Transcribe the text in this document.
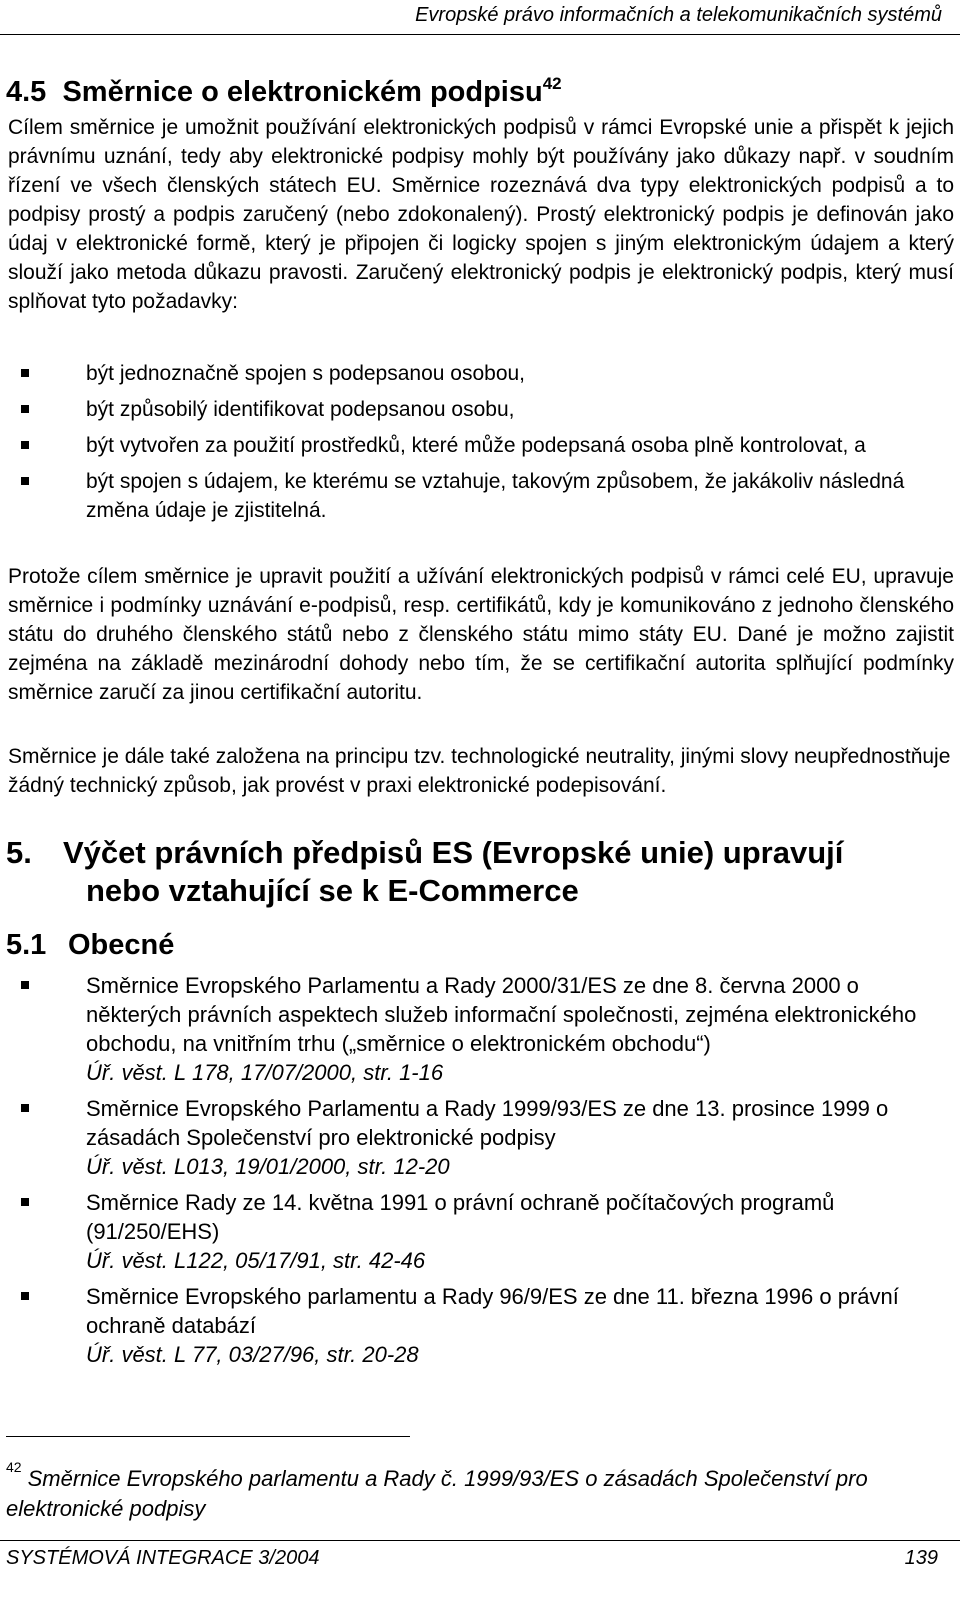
Evropské právo informačních a telekomunikačních systémů
4.5 Směrnice o elektronickém podpisu$^{42}$

Cílem směrnice je umožnit používání elektronických podpisů v rámci Evropské unie a přispět k jejich právnímu uznání, tedy aby elektronické podpisy mohly být používány jako důkazy např. v soudním řízení ve všech členských státech EU. Směrnice rozeznává dva typy elektronických podpisů a to podpisy prostý a podpis zaručený (nebo zdokonalený). Prostý elektronický podpis je definován jako údaj v elektronické formě, který je připojen či logicky spojen s jiným elektronickým údajem a který slouží jako metoda důkazu pravosti. Zaručený elektronický podpis je elektronický podpis, který musí splňovat tyto požadavky:

být jednoznačně spojen s podepsanou osobou,
být způsobilý identifikovat podepsanou osobu,
být vytvořen za použití prostředků, které může podepsaná osoba plně kontrolovat, a
být spojen s údajem, ke kterému se vztahuje, takovým způsobem, že jakákoliv následná změna údaje je zjistitelná.

Protože cílem směrnice je upravit použití a užívání elektronických podpisů v rámci celé EU, upravuje směrnice i podmínky uznávání e-podpisů, resp. certifikátů, kdy je komunikováno z jednoho členského státu do druhého členského států nebo z členského státu mimo státy EU. Dané je možno zajistit zejména na základě mezinárodní dohody nebo tím, že se certifikační autorita splňující podmínky směrnice zaručí za jinou certifikační autoritu.

Směrnice je dále také založena na principu tzv. technologické neutrality, jinými slovy neupřednostňuje žádný technický způsob, jak provést v praxi elektronické podepisování.

5. Výčet právních předpisů ES (Evropské unie) upravují
nebo vztahující se k E-Commerce
5.1 Obecné
Směrnice Evropského Parlamentu a Rady 2000/31/ES ze dne 8. června 2000 o některých právních aspektech služeb informační společnosti, zejména elektronického obchodu, na vnitřním trhu („směrnice o elektronickém obchodu“)
Úř. věst. L 178, 17/07/2000, str. 1-16
Směrnice Evropského Parlamentu a Rady 1999/93/ES ze dne 13. prosince 1999 o zásadách Společenství pro elektronické podpisy
Úř. věst. L013, 19/01/2000, str. 12-20
Směrnice Rady ze 14. května 1991 o právní ochraně počítačových programů (91/250/EHS)
Úř. věst. L122, 05/17/91, str. 42-46
Směrnice Evropského parlamentu a Rady 96/9/ES ze dne 11. března 1996 o právní ochraně databází
Úř. věst. L 77, 03/27/96, str. 20-28

$^{42}$ Směrnice Evropského parlamentu a Rady č. 1999/93/ES o zásadách Společenství pro elektronické podpisy

SYSTÉMOVÁ INTEGRACE 3/2004	139
